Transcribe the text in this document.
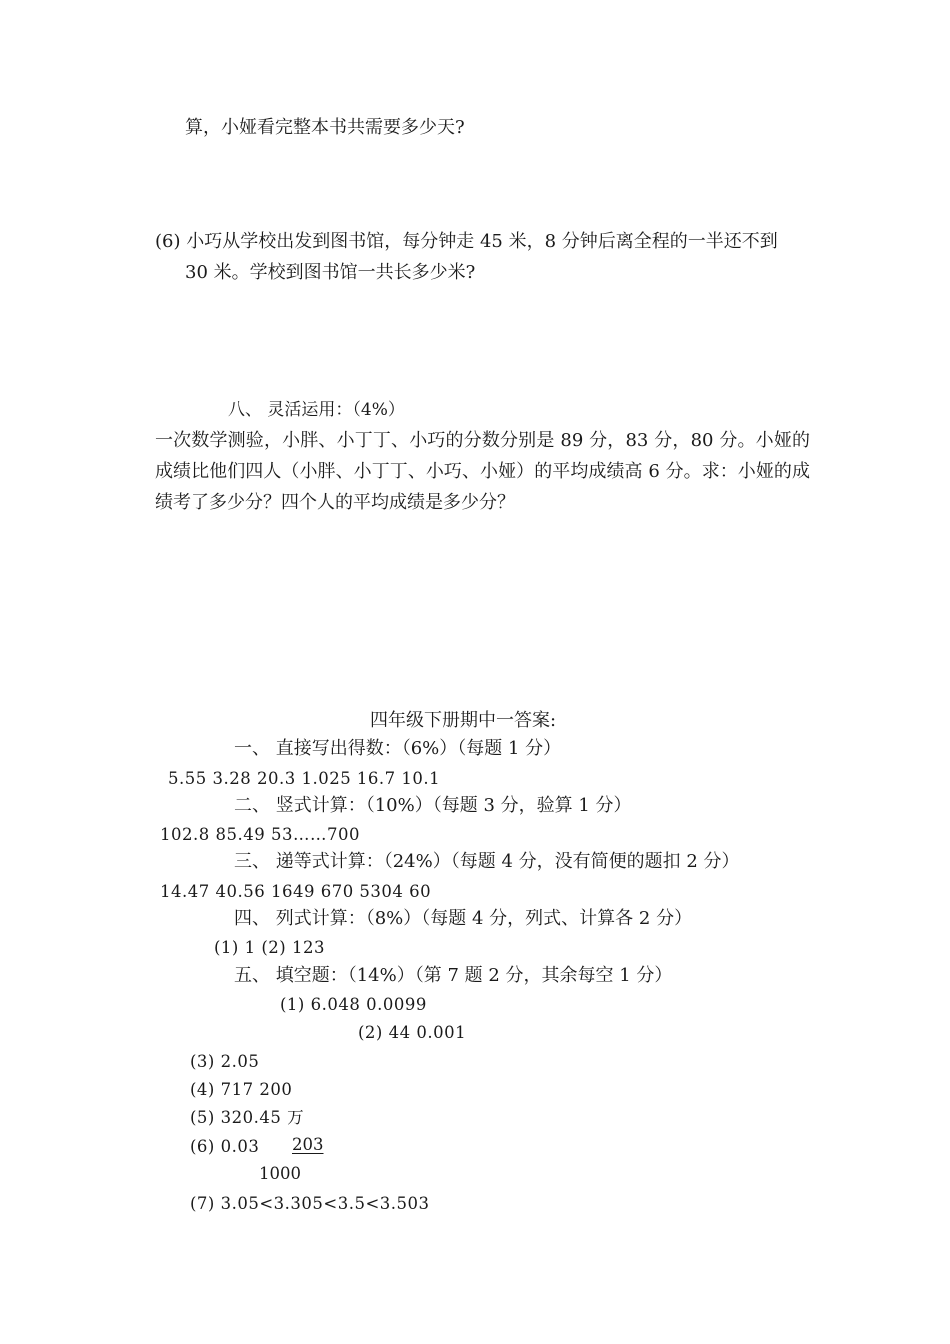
算，小娅看完整本书共需要多少天?
(6) 小巧从学校出发到图书馆，每分钟走 45 米，8 分钟后离全程的一半还不到
30 米。学校到图书馆一共长多少米?
八、 灵活运用：（4%）
一次数学测验，小胖、小丁丁、小巧的分数分别是 89 分，83 分，80 分。小娅的成绩比他们四人（小胖、小丁丁、小巧、小娅）的平均成绩高 6 分。求：小娅的成绩考了多少分？四个人的平均成绩是多少分？
四年级下册期中一答案:
一、 直接写出得数：（6%）（每题 1 分）
5.55 3.28 20.3 1.025 16.7 10.1
二、 竖式计算：（10%）（每题 3 分，验算 1 分）
102.8 85.49 53……700
三、 递等式计算：（24%）（每题 4 分，没有简便的题扣 2 分）
14.47 40.56 1649 670 5304 60
四、 列式计算：（8%）（每题 4 分，列式、计算各 2 分）
(1) 1 (2) 123
五、 填空题：（14%）（第 7 题 2 分，其余每空 1 分）
(1) 6.048 0.0099
(2) 44 0.001
(3) 2.05
(4) 717 200
(5) 320.45 万
(6) 0.03 203
1000
(7) 3.05<3.305<3.5<3.503
